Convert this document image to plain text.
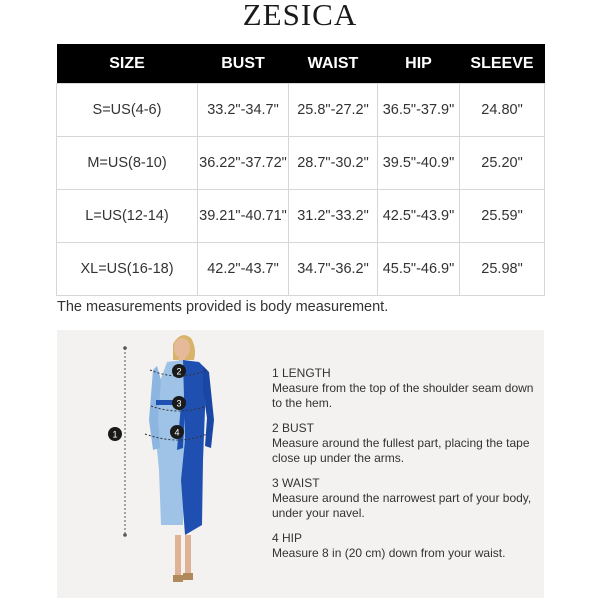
ZESICA
SIZE	BUST	WAIST	HIP	SLEEVE
S=US(4-6)	33.2"-34.7"	25.8"-27.2"	36.5"-37.9"	24.80"
M=US(8-10)	36.22"-37.72"	28.7"-30.2"	39.5"-40.9"	25.20"
L=US(12-14)	39.21"-40.71"	31.2"-33.2"	42.5"-43.9"	25.59"
XL=US(16-18)	42.2"-43.7"	34.7"-36.2"	45.5"-46.9"	25.98"
The measurements provided is body measurement.
1
2
3
4
1 LENGTH
Measure from the top of the shoulder seam down to the hem.
2 BUST
Measure around the fullest part, placing the tape close up under the arms.
3 WAIST
Measure around the narrowest part of your body, under your navel.
4 HIP
Measure 8 in (20 cm) down from your waist.
